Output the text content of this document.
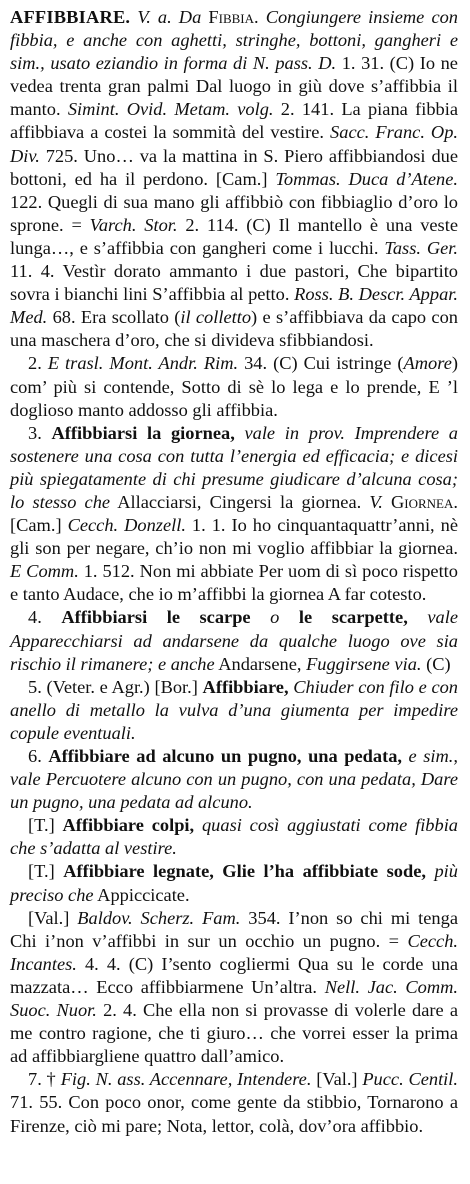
AFFIBBIARE. V. a. Da Fibbia. Congiungere insieme con fibbia, e anche con aghetti, stringhe, bottoni, gangheri e sim., usato eziandio in forma di N. pass. D. 1. 31. (C) Io ne vedea trenta gran palmi Dal luogo in giù dove s’affibbia il manto. Simint. Ovid. Metam. volg. 2. 141. La piana fibbia affibbiava a costei la sommità del vestire. Sacc. Franc. Op. Div. 725. Uno… va la mattina in S. Piero affibbiandosi due bottoni, ed ha il perdono. [Cam.] Tommas. Duca d’Atene. 122. Quegli di sua mano gli affibbiò con fibbiaglio d’oro lo sprone. = Varch. Stor. 2. 114. (C) Il mantello è una veste lunga…, e s’affibbia con gangheri come i lucchi. Tass. Ger. 11. 4. Vestìr dorato ammanto i due pastori, Che bipartito sovra i bianchi lini S’affibbia al petto. Ross. B. Descr. Appar. Med. 68. Era scollato (il colletto) e s’affibbiava da capo con una maschera d’oro, che si divideva sfibbiandosi.

2. E trasl. Mont. Andr. Rim. 34. (C) Cui istringe (Amore) com’ più si contende, Sotto di sè lo lega e lo prende, E ’l doglioso manto addosso gli affibbia.

3. Affibbiarsi la giornea, vale in prov. Imprendere a sostenere una cosa con tutta l’energia ed efficacia; e dicesi più spiegatamente di chi presume giudicare d’alcuna cosa; lo stesso che Allacciarsi, Cingersi la giornea. V. Giornea. [Cam.] Cecch. Donzell. 1. 1. Io ho cinquantaquattr’anni, nè gli son per negare, ch’io non mi voglio affibbiar la giornea. E Comm. 1. 512. Non mi abbiate Per uom di sì poco rispetto e tanto Audace, che io m’affibbi la giornea A far cotesto.

4. Affibbiarsi le scarpe o le scarpette, vale Apparecchiarsi ad andarsene da qualche luogo ove sia rischio il rimanere; e anche Andarsene, Fuggirsene via. (C)

5. (Veter. e Agr.) [Bor.] Affibbiare, Chiuder con filo e con anello di metallo la vulva d’una giumenta per impedire copule eventuali.

6. Affibbiare ad alcuno un pugno, una pedata, e sim., vale Percuotere alcuno con un pugno, con una pedata, Dare un pugno, una pedata ad alcuno.

[T.] Affibbiare colpi, quasi così aggiustati come fibbia che s’adatta al vestire.

[T.] Affibbiare legnate, Glie l’ha affibbiate sode, più preciso che Appiccicate.

[Val.] Baldov. Scherz. Fam. 354. I’non so chi mi tenga Chi i’non v’affibbi in sur un occhio un pugno. = Cecch. Incantes. 4. 4. (C) I’sento cogliermi Qua su le corde una mazzata… Ecco affibbiarmene Un’altra. Nell. Jac. Comm. Suoc. Nuor. 2. 4. Che ella non si provasse di volerle dare a me contro ragione, che ti giuro… che vorrei esser la prima ad affibbiargliene quattro dall’amico.

7. † Fig. N. ass. Accennare, Intendere. [Val.] Pucc. Centil. 71. 55. Con poco onor, come gente da stibbio, Tornarono a Firenze, ciò mi pare; Nota, lettor, colà, dov’ora affibbio.
